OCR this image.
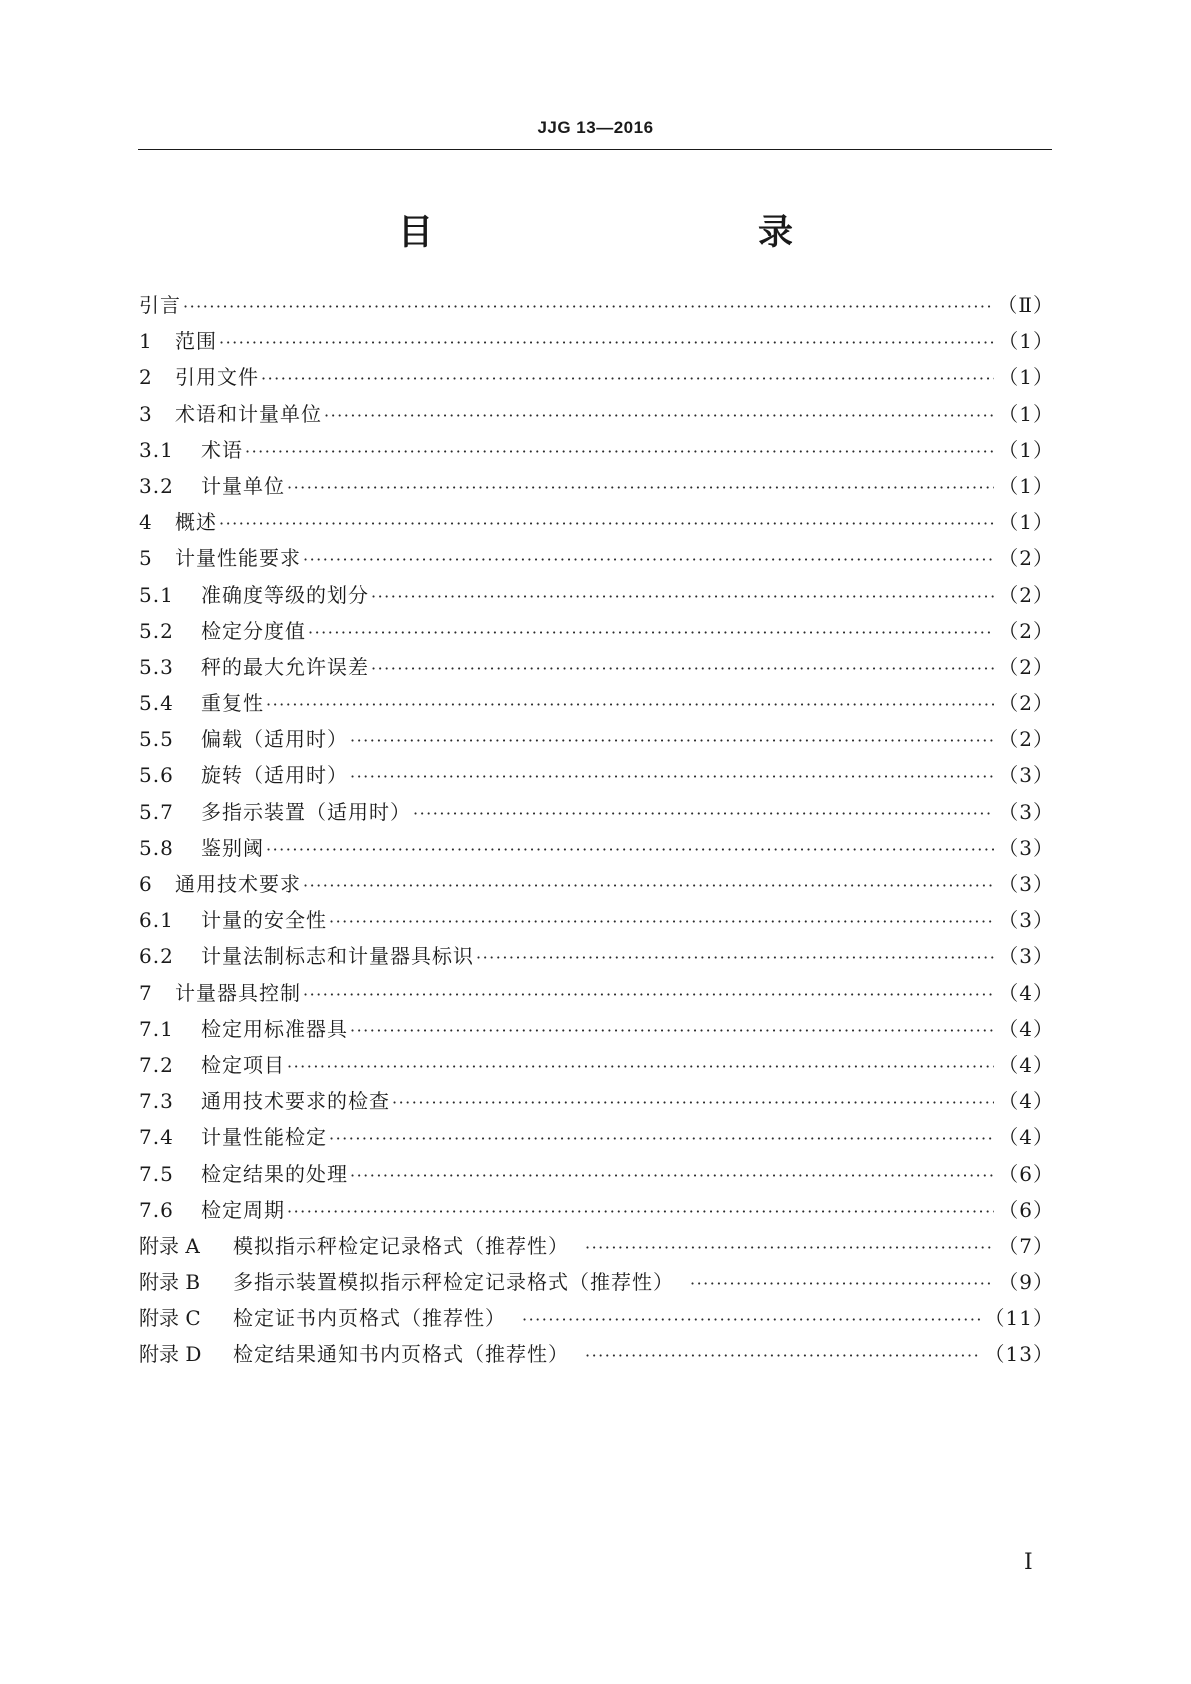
JJG 13—2016
目　　录
引言 ·····	（Ⅱ）
1	范围 ·····	（1）
2	引用文件 ·····	（1）
3	术语和计量单位 ·····	（1）
3.1	术语 ·····	（1）
3.2	计量单位 ·····	（1）
4	概述 ·····	（1）
5	计量性能要求 ·····	（2）
5.1	准确度等级的划分 ·····	（2）
5.2	检定分度值 ·····	（2）
5.3	秤的最大允许误差 ·····	（2）
5.4	重复性 ·····	（2）
5.5	偏载（适用时） ·····	（2）
5.6	旋转（适用时） ·····	（3）
5.7	多指示装置（适用时） ·····	（3）
5.8	鉴别阈 ·····	（3）
6	通用技术要求 ·····	（3）
6.1	计量的安全性 ·····	（3）
6.2	计量法制标志和计量器具标识 ·····	（3）
7	计量器具控制 ·····	（4）
7.1	检定用标准器具 ·····	（4）
7.2	检定项目 ·····	（4）
7.3	通用技术要求的检查 ·····	（4）
7.4	计量性能检定 ·····	（4）
7.5	检定结果的处理 ·····	（6）
7.6	检定周期 ·····	（6）
附录 A	模拟指示秤检定记录格式（推荐性） ·····	（7）
附录 B	多指示装置模拟指示秤检定记录格式（推荐性） ·····	（9）
附录 C	检定证书内页格式（推荐性） ·····	（11）
附录 D	检定结果通知书内页格式（推荐性） ·····	（13）
Ⅰ
